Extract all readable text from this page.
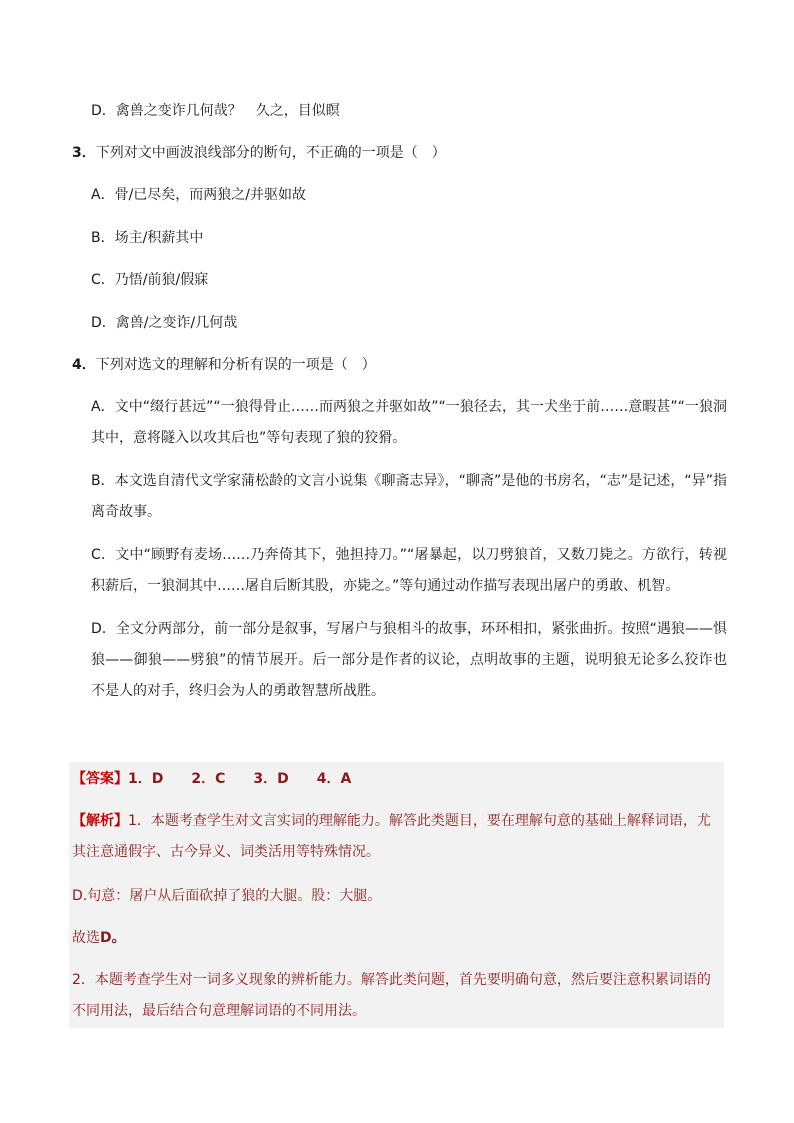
D．禽兽之变诈几何哉？　久之，目似瞑
3．下列对文中画波浪线部分的断句，不正确的一项是（　）
A．骨/已尽矣，而两狼之/并驱如故
B．场主/积薪其中
C．乃悟/前狼/假寐
D．禽兽/之变诈/几何哉
4．下列对选文的理解和分析有误的一项是（　）
A．文中“缀行甚远”“一狼得骨止……而两狼之并驱如故”“一狼径去，其一犬坐于前……意暇甚”“一狼洞其中，意将隧入以攻其后也”等句表现了狼的狡猾。
B．本文选自清代文学家蒲松龄的文言小说集《聊斋志异》，“聊斋”是他的书房名，“志”是记述，“异”指离奇故事。
C．文中“顾野有麦场……乃奔倚其下，弛担持刀。”“屠暴起，以刀劈狼首，又数刀毙之。方欲行，转视积薪后，一狼洞其中……屠自后断其股，亦毙之。”等句通过动作描写表现出屠户的勇敢、机智。
D．全文分两部分，前一部分是叙事，写屠户与狼相斗的故事，环环相扣，紧张曲折。按照“遇狼——惧狼——御狼——劈狼”的情节展开。后一部分是作者的议论，点明故事的主题，说明狼无论多么狡诈也不是人的对手，终归会为人的勇敢智慧所战胜。
【答案】1．D　　2．C　　3．D　　4．A
【解析】1．本题考查学生对文言实词的理解能力。解答此类题目，要在理解句意的基础上解释词语，尤其注意通假字、古今异义、词类活用等特殊情况。
D.句意：屠户从后面砍掉了狼的大腿。股：大腿。
故选D。
2．本题考查学生对一词多义现象的辨析能力。解答此类问题，首先要明确句意，然后要注意积累词语的不同用法，最后结合句意理解词语的不同用法。
